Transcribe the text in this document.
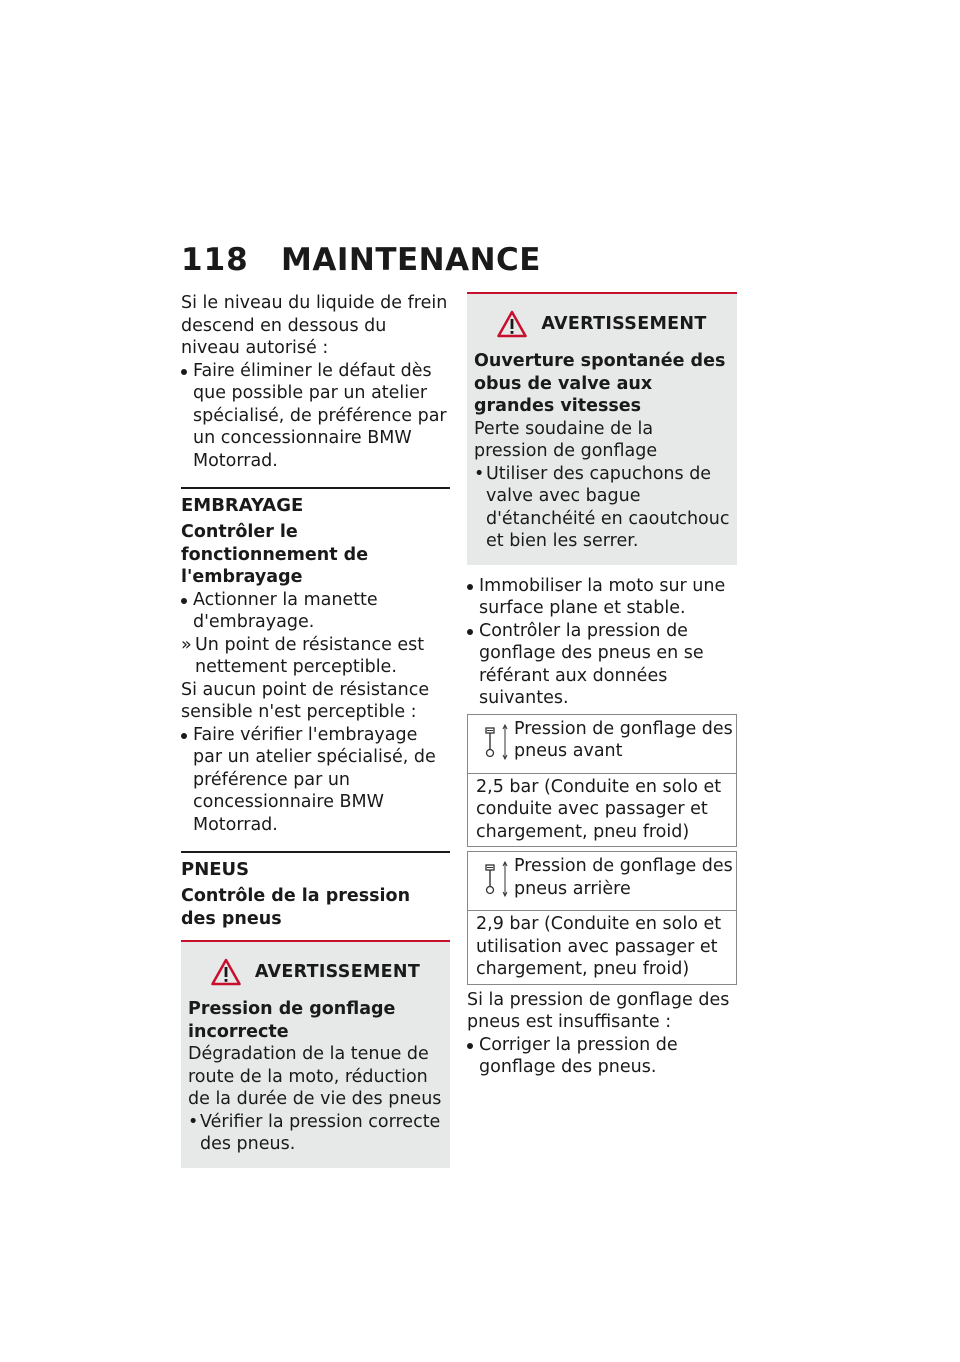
118	MAINTENANCE

Si le niveau du liquide de frein descend en dessous du niveau autorisé :

Faire éliminer le défaut dès que possible par un atelier spécialisé, de préférence par un concessionnaire BMW Motorrad.

EMBRAYAGE

Contrôler le fonctionnement de l'embrayage

Actionner la manette d'embrayage.
» Un point de résistance est nettement perceptible.

Si aucun point de résistance sensible n'est perceptible :

Faire vérifier l'embrayage par un atelier spécialisé, de préférence par un concessionnaire BMW Motorrad.

PNEUS

Contrôle de la pression des pneus

AVERTISSEMENT

Pression de gonflage incorrecte

Dégradation de la tenue de route de la moto, réduction de la durée de vie des pneus

• Vérifier la pression correcte des pneus.
AVERTISSEMENT

Ouverture spontanée des obus de valve aux grandes vitesses

Perte soudaine de la pression de gonflage

• Utiliser des capuchons de valve avec bague d'étanchéité en caoutchouc et bien les serrer.
Immobiliser la moto sur une surface plane et stable.
Contrôler la pression de gonflage des pneus en se référant aux données suivantes.
Pression de gonflage des pneus avant
2,5 bar (Conduite en solo et conduite avec passager et chargement, pneu froid)
Pression de gonflage des pneus arrière
2,9 bar (Conduite en solo et utilisation avec passager et chargement, pneu froid)

Si la pression de gonflage des pneus est insuffisante :

Corriger la pression de gonflage des pneus.
